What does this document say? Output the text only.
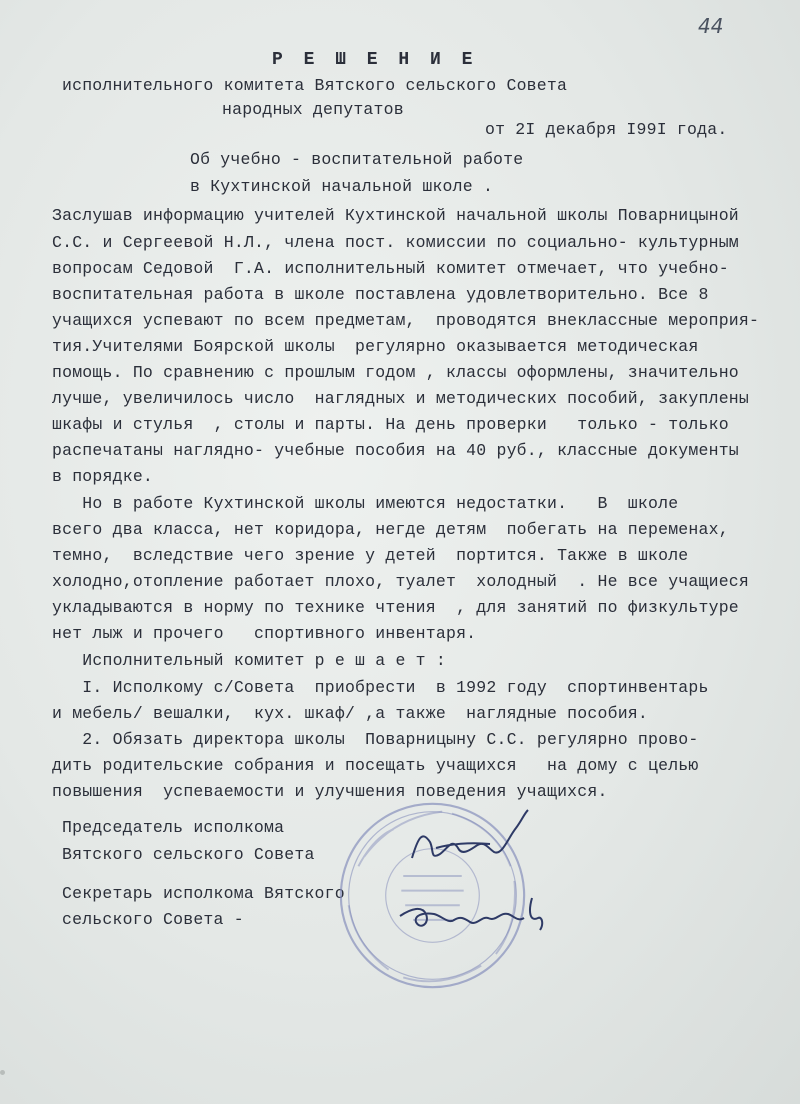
44
Р Е Ш Е Н И Е
исполнительного комитета Вятского сельского Совета
народных депутатов
от 2I декабря I99I года.
Об учебно - воспитательной работе
в Кухтинской начальной школе .
Заслушав информацию учителей Кухтинской начальной школы Поварницыной
С.С. и Сергеевой Н.Л., члена пост. комиссии по социально- культурным
вопросам Седовой  Г.А. исполнительный комитет отмечает, что учебно-
воспитательная работа в школе поставлена удовлетворительно. Все 8
учащихся успевают по всем предметам,  проводятся внеклассные мероприя-
тия.Учителями Боярской школы  регулярно оказывается методическая
помощь. По сравнению с прошлым годом , классы оформлены, значительно
лучше, увеличилось число  наглядных и методических пособий, закуплены
шкафы и стулья  , столы и парты. На день проверки   только - только
распечатаны наглядно- учебные пособия на 40 руб., классные документы
в порядке.
Но в работе Кухтинской школы имеются недостатки.   В  школе
всего два класса, нет коридора, негде детям  побегать на переменах,
темно,  вследствие чего зрение у детей  портится. Также в школе
холодно,отопление работает плохо, туалет  холодный  . Не все учащиеся
укладываются в норму по технике чтения  , для занятий по физкультуре
нет лыж и прочего   спортивного инвентаря.
Исполнительный комитет р е ш а е т :
I. Исполкому с/Совета  приобрести  в 1992 году  спортинвентарь
и мебель/ вешалки,  кух. шкаф/ ,а также  наглядные пособия.
2. Обязать директора школы  Поварницыну С.С. регулярно прово-
дить родительские собрания и посещать учащихся   на дому с целью
повышения  успеваемости и улучшения поведения учащихся.
Председатель исполкома
Вятского сельского Совета
Секретарь исполкома Вятского
сельского Совета -
